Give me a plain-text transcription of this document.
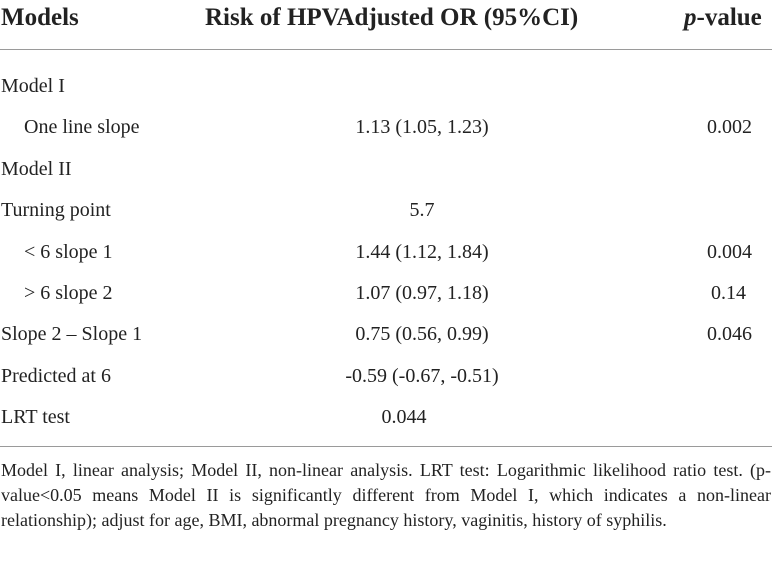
Models	Risk of HPVAdjusted OR (95%CI)	p-value
Model I
One line slope	1.13 (1.05, 1.23)	0.002
Model II
Turning point	5.7
< 6 slope 1	1.44 (1.12, 1.84)	0.004
> 6 slope 2	1.07 (0.97, 1.18)	0.14
Slope 2 – Slope 1	0.75 (0.56, 0.99)	0.046
Predicted at 6	-0.59 (-0.67, -0.51)
LRT test	0.044
Model I, linear analysis; Model II, non-linear analysis. LRT test: Logarithmic likelihood ratio test. (p-value<0.05 means Model II is significantly different from Model I, which indicates a non-linear relationship); adjust for age, BMI, abnormal pregnancy history, vaginitis, history of syphilis.
